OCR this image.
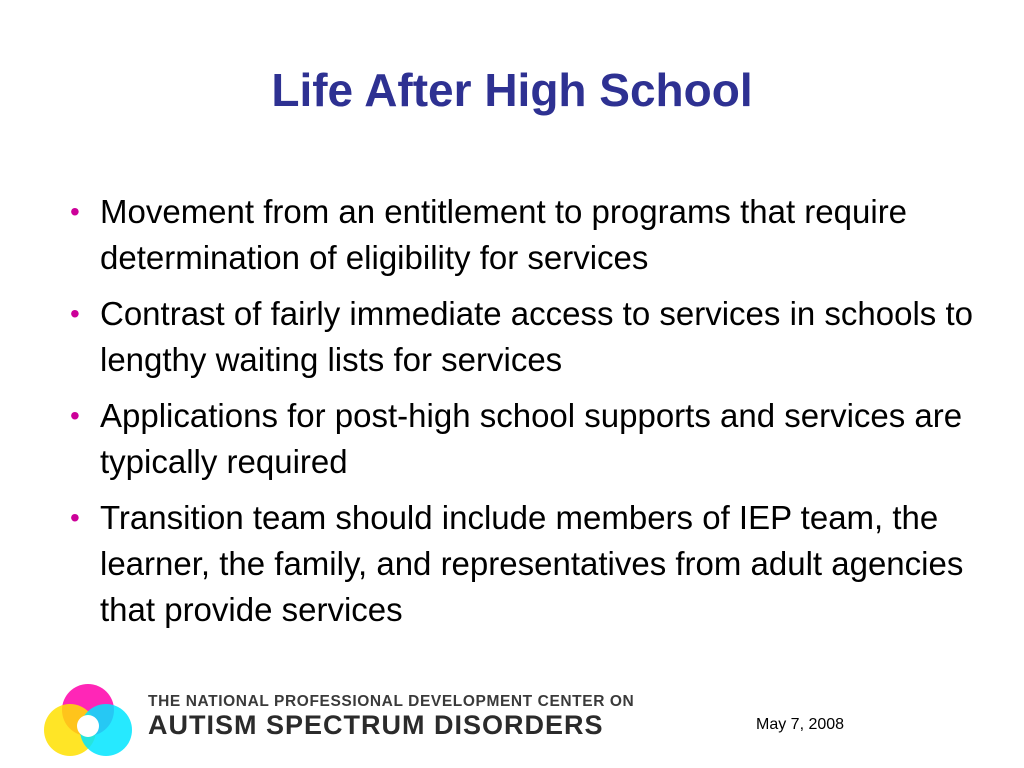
Life After High School
• Movement from an entitlement to programs that require determination of eligibility for services
• Contrast of fairly immediate access to services in schools to lengthy waiting lists for services
• Applications for post-high school supports and services are typically required
• Transition team should include members of IEP team, the learner, the family, and representatives from adult agencies that provide services
THE NATIONAL PROFESSIONAL DEVELOPMENT CENTER ON
AUTISM SPECTRUM DISORDERS	May 7, 2008
